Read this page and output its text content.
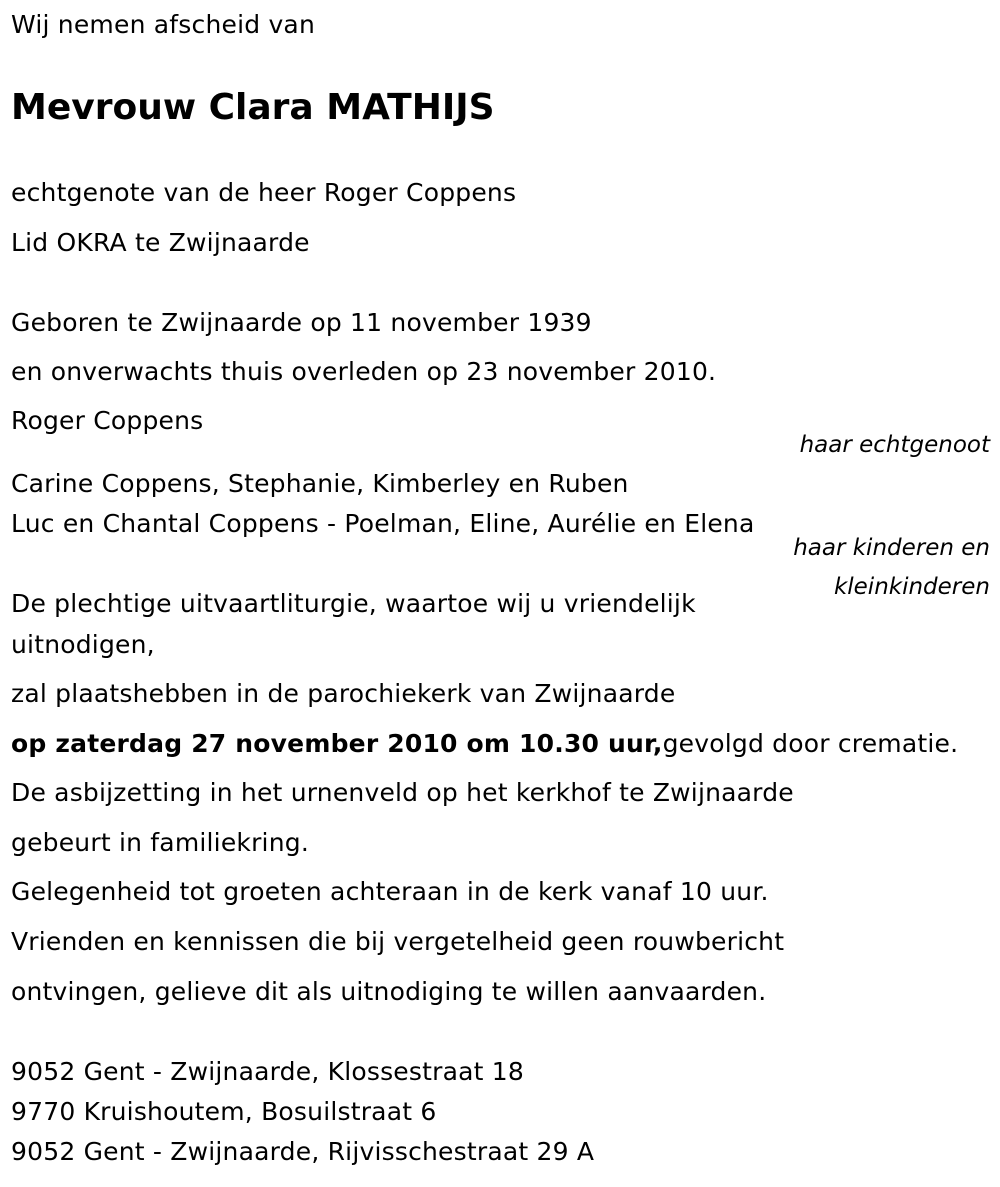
Wij nemen afscheid van
Mevrouw Clara MATHIJS
echtgenote van de heer Roger Coppens
Lid OKRA te Zwijnaarde
Geboren te Zwijnaarde op 11 november 1939
en onverwachts thuis overleden op 23 november 2010.
Roger Coppens
haar echtgenoot
Carine Coppens, Stephanie, Kimberley en Ruben
Luc en Chantal Coppens - Poelman, Eline, Aurélie en Elena
haar kinderen en
kleinkinderen
De plechtige uitvaartliturgie, waartoe wij u vriendelijk
uitnodigen,
zal plaatshebben in de parochiekerk van Zwijnaarde
op zaterdag 27 november 2010 om 10.30 uur,gevolgd door crematie.
De asbijzetting in het urnenveld op het kerkhof te Zwijnaarde
gebeurt in familiekring.
Gelegenheid tot groeten achteraan in de kerk vanaf 10 uur.
Vrienden en kennissen die bij vergetelheid geen rouwbericht
ontvingen, gelieve dit als uitnodiging te willen aanvaarden.
9052 Gent - Zwijnaarde, Klossestraat 18
9770 Kruishoutem, Bosuilstraat 6
9052 Gent - Zwijnaarde, Rijvisschestraat 29 A
